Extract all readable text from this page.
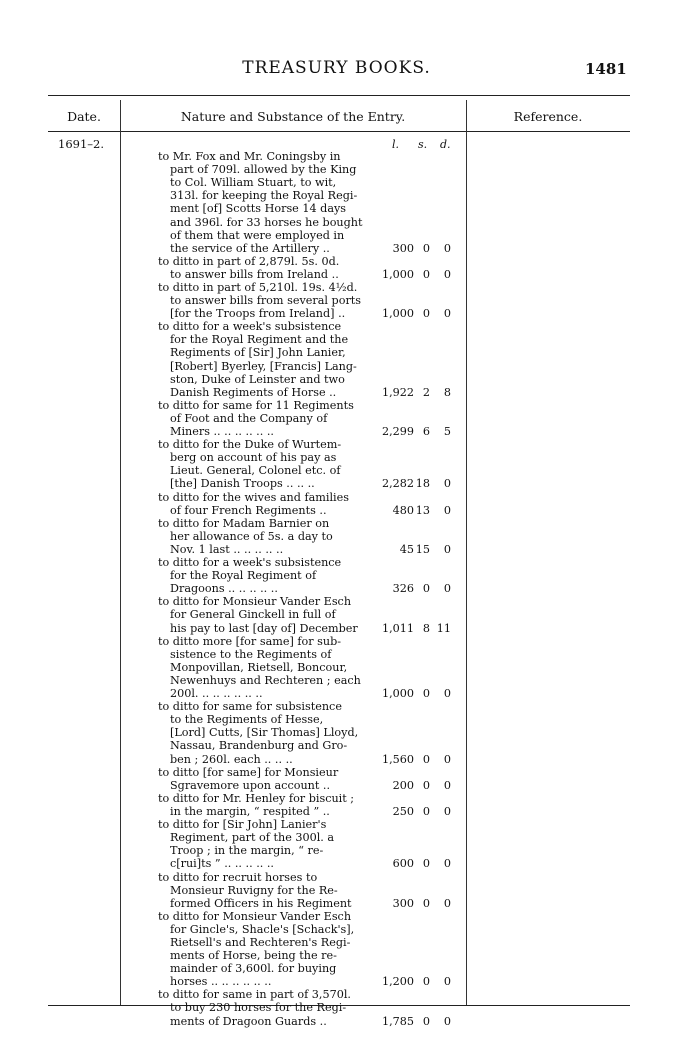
TREASURY BOOKS.	1481
Date.	Nature and Substance of the Entry.	Reference.
1691–2.	l. s. d.
to Mr. Fox and Mr. Coningsby in
part of 709l. allowed by the King
to Col. William Stuart, to wit,
313l. for keeping the Royal Regi-
ment [of] Scotts Horse 14 days
and 396l. for 33 horses he bought
of them that were employed in
the service of the Artillery ..	300 0	0
to ditto in part of 2,879l. 5s. 0d.
to answer bills from Ireland ..	1,000 0	0
to ditto in part of 5,210l. 19s. 4½d.
to answer bills from several ports
[for the Troops from Ireland] ..	1,000 0	0
to ditto for a week's subsistence
for the Royal Regiment and the
Regiments of [Sir] John Lanier,
[Robert] Byerley, [Francis] Lang-
ston, Duke of Leinster and two
Danish Regiments of Horse ..	1,922 2	8
to ditto for same for 11 Regiments
of Foot and the Company of
Miners .. .. .. .. .. ..	2,299 6	5
to ditto for the Duke of Wurtem-
berg on account of his pay as
Lieut. General, Colonel etc. of
[the] Danish Troops .. .. ..	2,282 18	0
to ditto for the wives and families
of four French Regiments ..	480 13	0
to ditto for Madam Barnier on
her allowance of 5s. a day to
Nov. 1 last .. .. .. .. ..	45 15	0
to ditto for a week's subsistence
for the Royal Regiment of
Dragoons .. .. .. .. ..	326 0	0
to ditto for Monsieur Vander Esch
for General Ginckell in full of
his pay to last [day of] December	1,011 8 11
to ditto more [for same] for sub-
sistence to the Regiments of
Monpovillan, Rietsell, Boncour,
Newenhuys and Rechteren ; each
200l. .. .. .. .. .. ..	1,000 0	0
to ditto for same for subsistence
to the Regiments of Hesse,
[Lord] Cutts, [Sir Thomas] Lloyd,
Nassau, Brandenburg and Gro-
ben ; 260l. each .. .. ..	1,560 0	0
to ditto [for same] for Monsieur
Sgravemore upon account ..	200 0	0
to ditto for Mr. Henley for biscuit ;
in the margin, “ respited ” ..	250 0	0
to ditto for [Sir John] Lanier's
Regiment, part of the 300l. a
Troop ; in the margin, “ re-
c[rui]ts ” .. .. .. .. ..	600 0	0
to ditto for recruit horses to
Monsieur Ruvigny for the Re-
formed Officers in his Regiment	300 0	0
to ditto for Monsieur Vander Esch
for Gincle's, Shacle's [Schack's],
Rietsell's and Rechteren's Regi-
ments of Horse, being the re-
mainder of 3,600l. for buying
horses .. .. .. .. .. ..	1,200 0	0
to ditto for same in part of 3,570l.
to buy 230 horses for the Regi-
ments of Dragoon Guards ..	1,785 0	0
